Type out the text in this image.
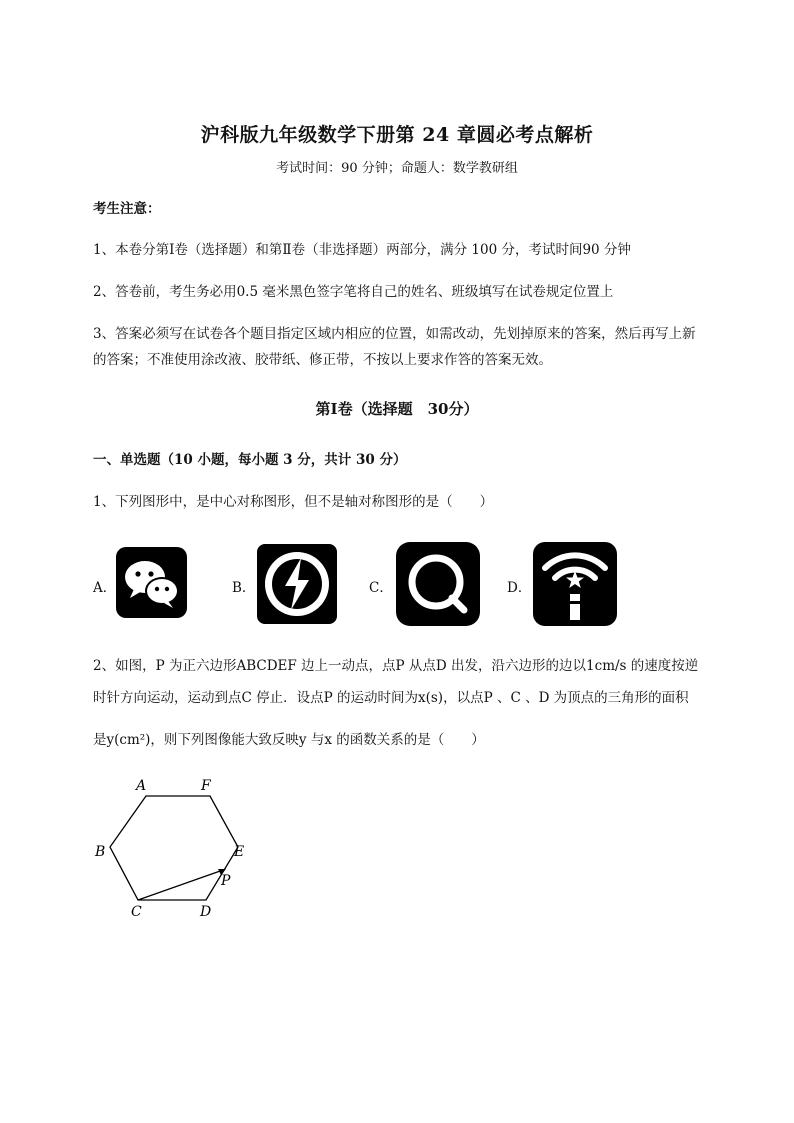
沪科版九年级数学下册第 24 章圆必考点解析
考试时间：90 分钟；命题人：数学教研组
考生注意：
1、本卷分第Ⅰ卷（选择题）和第Ⅱ卷（非选择题）两部分，满分 100 分，考试时间90 分钟
2、答卷前，考生务必用0.5 毫米黑色签字笔将自己的姓名、班级填写在试卷规定位置上
3、答案必须写在试卷各个题目指定区域内相应的位置，如需改动，先划掉原来的答案，然后再写上新
的答案；不准使用涂改液、胶带纸、修正带，不按以上要求作答的答案无效。
第Ⅰ卷（选择题　30分）
一、单选题（10 小题，每小题 3 分，共计 30 分）
1、下列图形中，是中心对称图形，但不是轴对称图形的是（　　）
A．	B．	C．	D．
2、如图，P 为正六边形ABCDEF 边上一动点，点P 从点D 出发，沿六边形的边以1cm/s 的速度按逆
时针方向运动，运动到点C 停止．设点P 的运动时间为x(s)，以点P 、C 、D 为顶点的三角形的面积
是y(cm²)，则下列图像能大致反映y 与x 的函数关系的是（　　）
A	F
B	E
C	D
P
